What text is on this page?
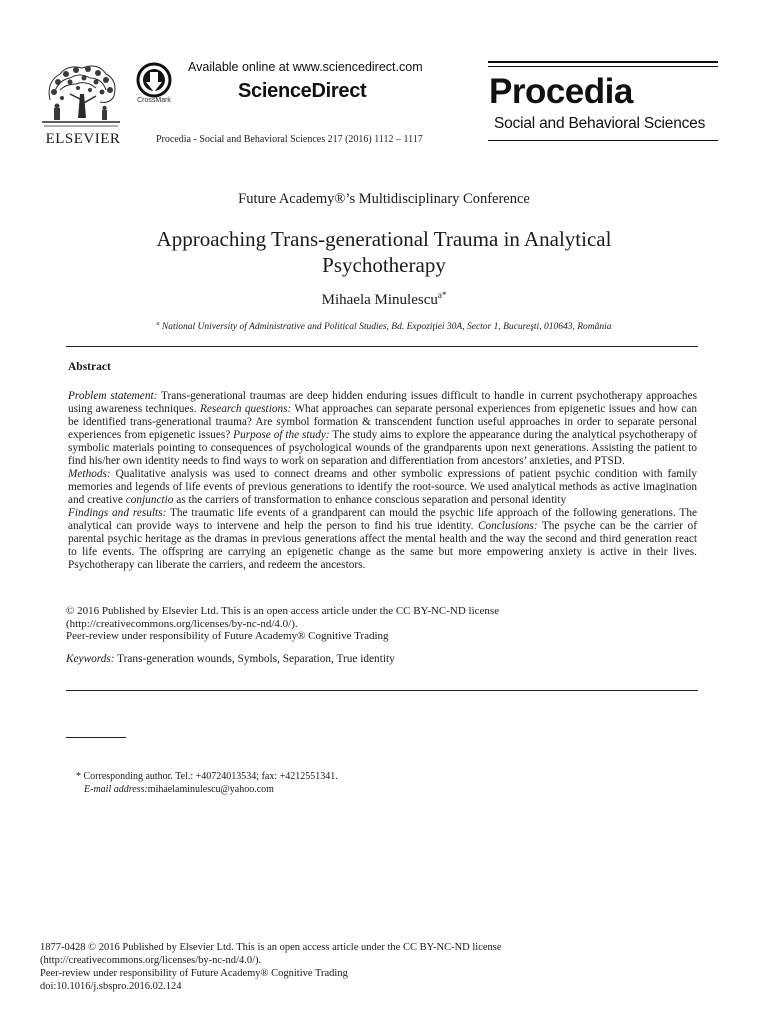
ELSEVIER
CrossMark
Available online at www.sciencedirect.com
ScienceDirect
Procedia - Social and Behavioral Sciences 217 (2016) 1112 – 1117
Procedia
Social and Behavioral Sciences
Future Academy®’s Multidisciplinary Conference
Approaching Trans-generational Trauma in Analytical Psychotherapy
Mihaela Minulescu$^{a*}$
$^a$ National University of Administrative and Political Studies, Bd. Expoziţiei 30A, Sector 1, Bucureşti, 010643, România
Abstract

Problem statement: Trans-generational traumas are deep hidden enduring issues difficult to handle in current psychotherapy approaches using awareness techniques. Research questions: What approaches can separate personal experiences from epigenetic issues and how can be identified trans-generational trauma? Are symbol formation & transcendent function useful approaches in order to separate personal experiences from epigenetic issues? Purpose of the study: The study aims to explore the appearance during the analytical psychotherapy of symbolic materials pointing to consequences of psychological wounds of the grandparents upon next generations. Assisting the patient to find his/her own identity needs to find ways to work on separation and differentiation from ancestors’ anxieties, and PTSD.

Methods: Qualitative analysis was used to connect dreams and other symbolic expressions of patient psychic condition with family memories and legends of life events of previous generations to identify the root-source. We used analytical methods as active imagination and creative conjunctio as the carriers of transformation to enhance conscious separation and personal identity

Findings and results: The traumatic life events of a grandparent can mould the psychic life approach of the following generations. The analytical can provide ways to intervene and help the person to find his true identity. Conclusions: The psyche can be the carrier of parental psychic heritage as the dramas in previous generations affect the mental health and the way the second and third generation react to life events. The offspring are carrying an epigenetic change as the same but more empowering anxiety is active in their lives. Psychotherapy can liberate the carriers, and redeem the ancestors.

© 2016 Published by Elsevier Ltd. This is an open access article under the CC BY-NC-ND license
(http://creativecommons.org/licenses/by-nc-nd/4.0/).
Peer-review under responsibility of Future Academy® Cognitive Trading
Keywords: Trans-generation wounds, Symbols, Separation, True identity
* Corresponding author. Tel.: +40724013534; fax: +4212551341.
E-mail address:mihaelaminulescu@yahoo.com
1877-0428 © 2016 Published by Elsevier Ltd. This is an open access article under the CC BY-NC-ND license
(http://creativecommons.org/licenses/by-nc-nd/4.0/).
Peer-review under responsibility of Future Academy® Cognitive Trading
doi:10.1016/j.sbspro.2016.02.124
